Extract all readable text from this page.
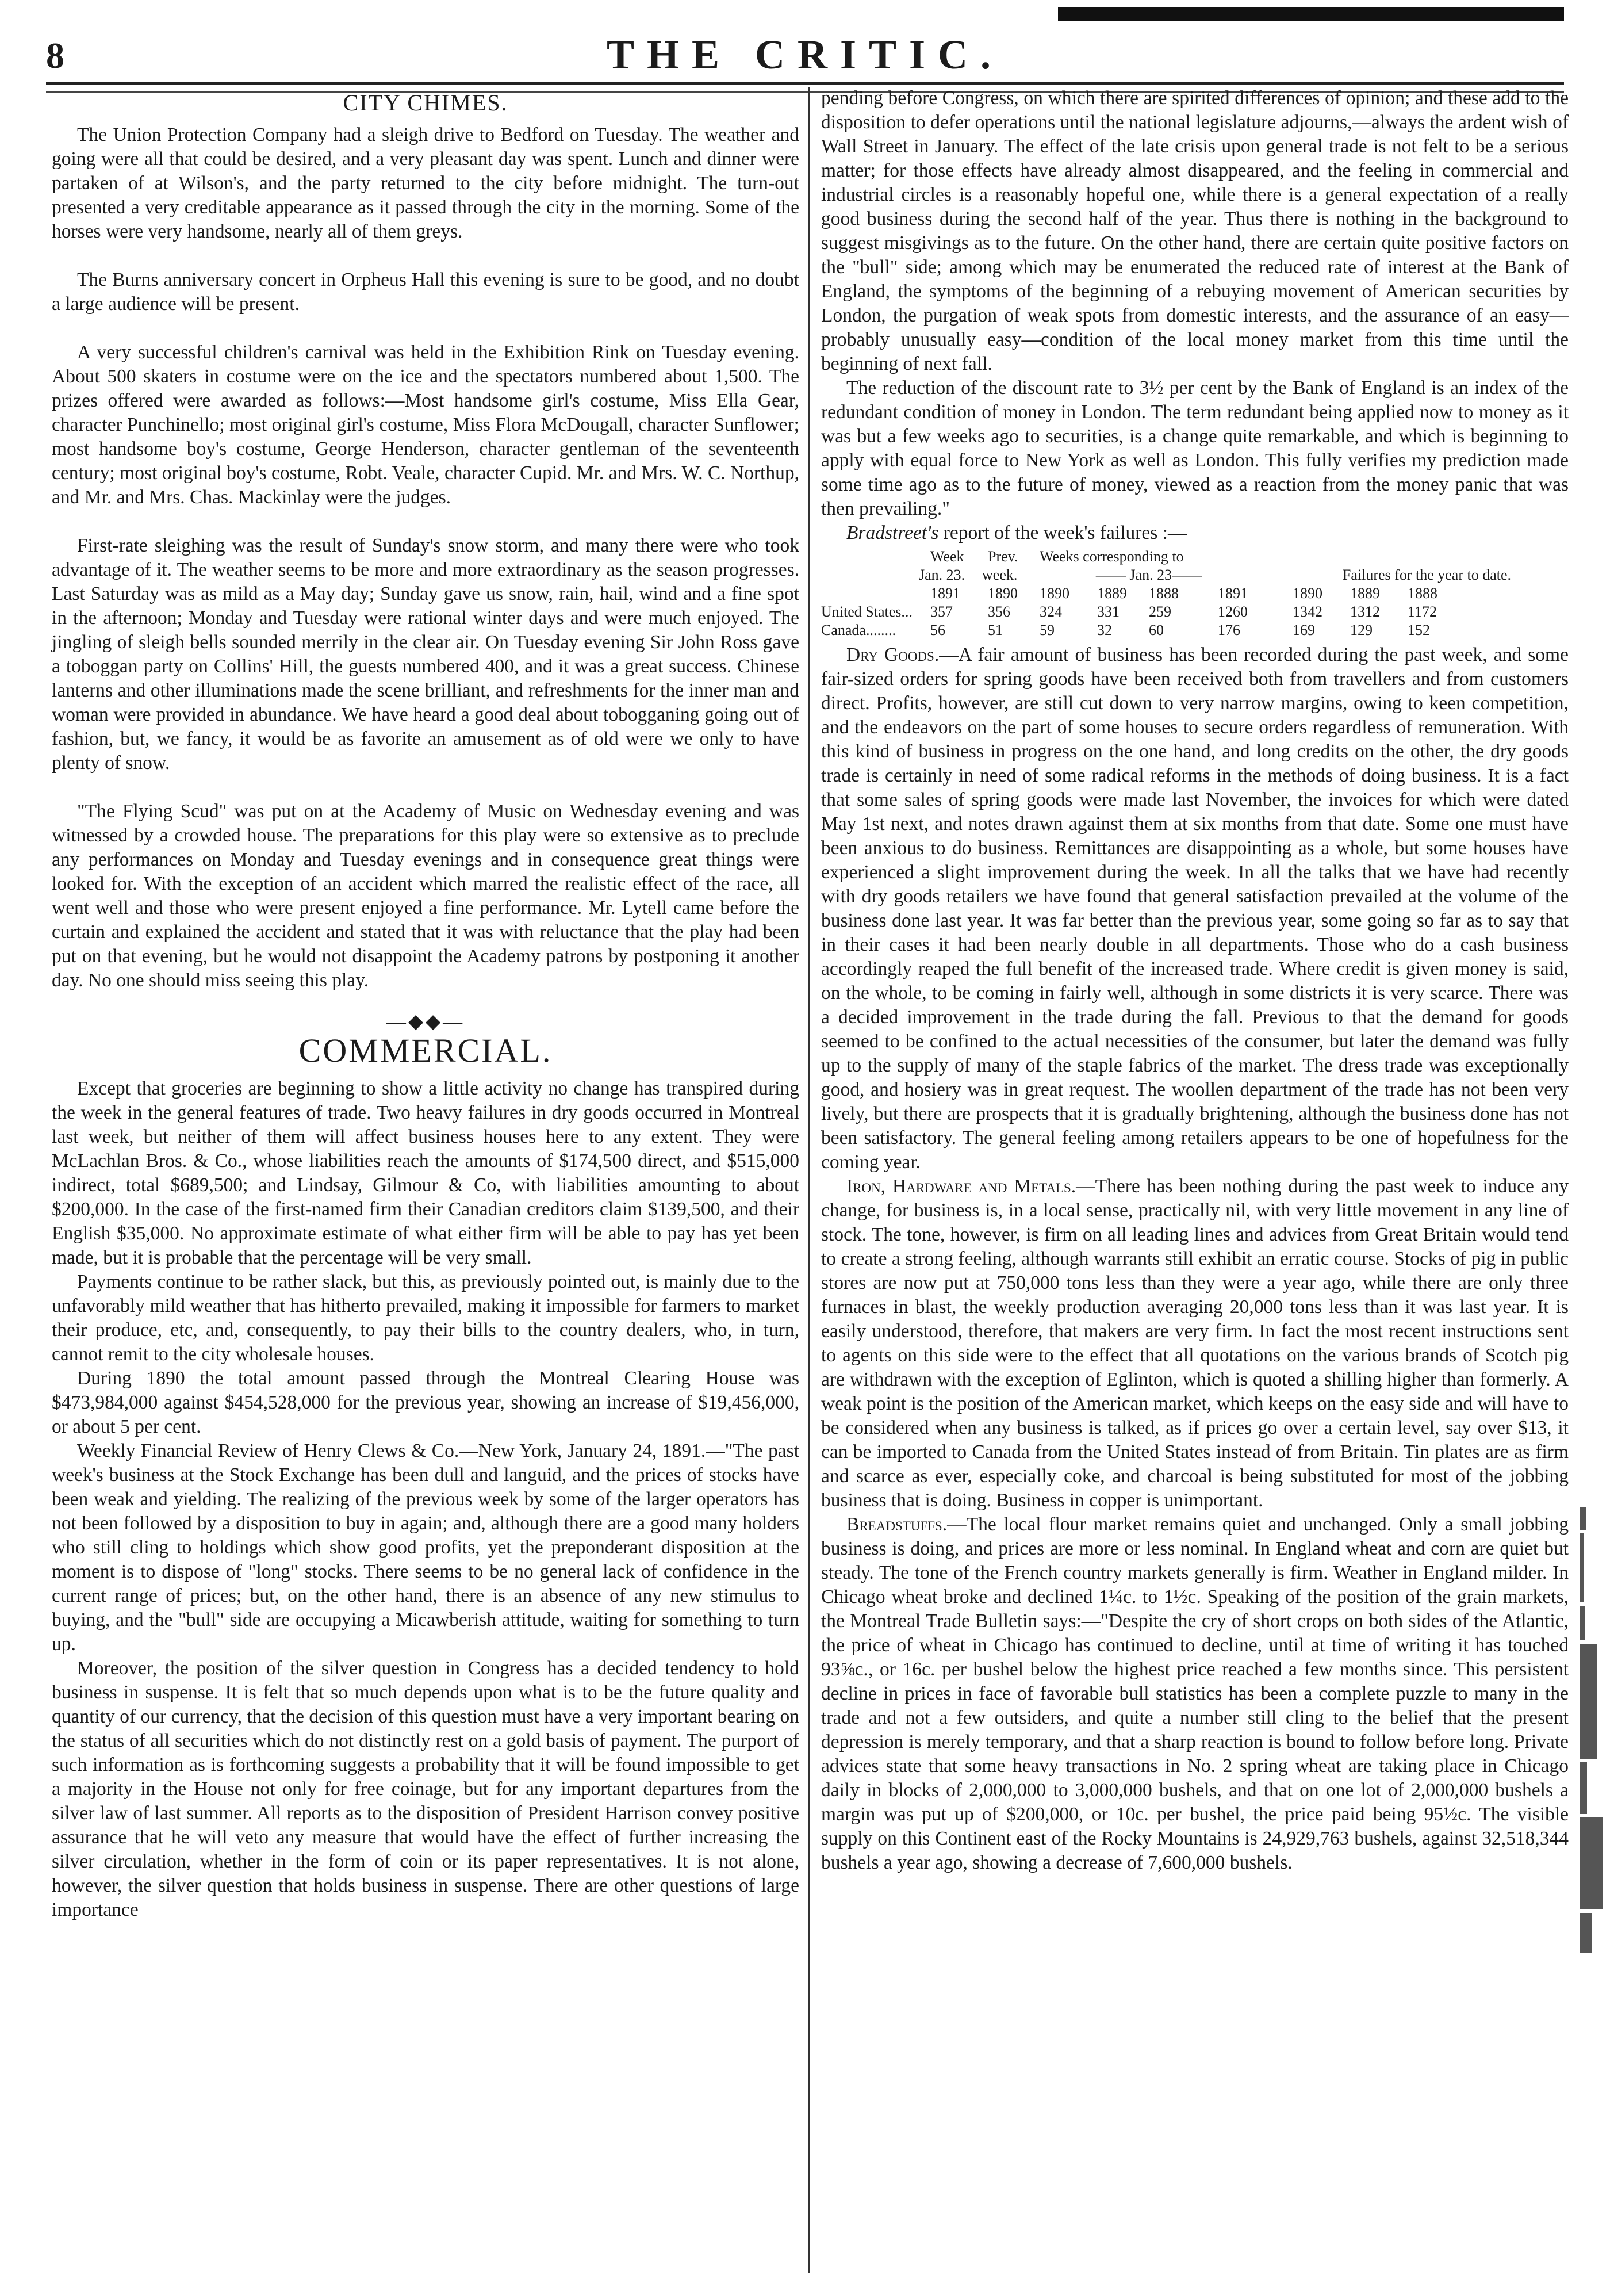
8	THE CRITIC.
CITY CHIMES.

The Union Protection Company had a sleigh drive to Bedford on Tuesday. The weather and going were all that could be desired, and a very pleasant day was spent. Lunch and dinner were partaken of at Wilson's, and the party returned to the city before midnight. The turn-out presented a very creditable appearance as it passed through the city in the morning. Some of the horses were very handsome, nearly all of them greys.

The Burns anniversary concert in Orpheus Hall this evening is sure to be good, and no doubt a large audience will be present.

A very successful children's carnival was held in the Exhibition Rink on Tuesday evening. About 500 skaters in costume were on the ice and the spectators numbered about 1,500. The prizes offered were awarded as follows:—Most handsome girl's costume, Miss Ella Gear, character Punchinello; most original girl's costume, Miss Flora McDougall, character Sunflower; most handsome boy's costume, George Henderson, character gentleman of the seventeenth century; most original boy's costume, Robt. Veale, character Cupid. Mr. and Mrs. W. C. Northup, and Mr. and Mrs. Chas. Mackinlay were the judges.

First-rate sleighing was the result of Sunday's snow storm, and many there were who took advantage of it. The weather seems to be more and more extraordinary as the season progresses. Last Saturday was as mild as a May day; Sunday gave us snow, rain, hail, wind and a fine spot in the afternoon; Monday and Tuesday were rational winter days and were much enjoyed. The jingling of sleigh bells sounded merrily in the clear air. On Tuesday evening Sir John Ross gave a toboggan party on Collins' Hill, the guests numbered 400, and it was a great success. Chinese lanterns and other illuminations made the scene brilliant, and refreshments for the inner man and woman were provided in abundance. We have heard a good deal about tobogganing going out of fashion, but, we fancy, it would be as favorite an amusement as of old were we only to have plenty of snow.

"The Flying Scud" was put on at the Academy of Music on Wednesday evening and was witnessed by a crowded house. The preparations for this play were so extensive as to preclude any performances on Monday and Tuesday evenings and in consequence great things were looked for. With the exception of an accident which marred the realistic effect of the race, all went well and those who were present enjoyed a fine performance. Mr. Lytell came before the curtain and explained the accident and stated that it was with reluctance that the play had been put on that evening, but he would not disappoint the Academy patrons by postponing it another day. No one should miss seeing this play.

—◆◆—
COMMERCIAL.

Except that groceries are beginning to show a little activity no change has transpired during the week in the general features of trade. Two heavy failures in dry goods occurred in Montreal last week, but neither of them will affect business houses here to any extent. They were McLachlan Bros. & Co., whose liabilities reach the amounts of $174,500 direct, and $515,000 indirect, total $689,500; and Lindsay, Gilmour & Co, with liabilities amounting to about $200,000. In the case of the first-named firm their Canadian creditors claim $139,500, and their English $35,000. No approximate estimate of what either firm will be able to pay has yet been made, but it is probable that the percentage will be very small.

Payments continue to be rather slack, but this, as previously pointed out, is mainly due to the unfavorably mild weather that has hitherto prevailed, making it impossible for farmers to market their produce, etc, and, consequently, to pay their bills to the country dealers, who, in turn, cannot remit to the city wholesale houses.

During 1890 the total amount passed through the Montreal Clearing House was $473,984,000 against $454,528,000 for the previous year, showing an increase of $19,456,000, or about 5 per cent.

Weekly Financial Review of Henry Clews & Co.—New York, January 24, 1891.—"The past week's business at the Stock Exchange has been dull and languid, and the prices of stocks have been weak and yielding. The realizing of the previous week by some of the larger operators has not been followed by a disposition to buy in again; and, although there are a good many holders who still cling to holdings which show good profits, yet the preponderant disposition at the moment is to dispose of "long" stocks. There seems to be no general lack of confidence in the current range of prices; but, on the other hand, there is an absence of any new stimulus to buying, and the "bull" side are occupying a Micawberish attitude, waiting for something to turn up.

Moreover, the position of the silver question in Congress has a decided tendency to hold business in suspense. It is felt that so much depends upon what is to be the future quality and quantity of our currency, that the decision of this question must have a very important bearing on the status of all securities which do not distinctly rest on a gold basis of payment. The purport of such information as is forthcoming suggests a probability that it will be found impossible to get a majority in the House not only for free coinage, but for any important departures from the silver law of last summer. All reports as to the disposition of President Harrison convey positive assurance that he will veto any measure that would have the effect of further increasing the silver circulation, whether in the form of coin or its paper representatives. It is not alone, however, the silver question that holds business in suspense. There are other questions of large importance

pending before Congress, on which there are spirited differences of opinion; and these add to the disposition to defer operations until the national legislature adjourns,—always the ardent wish of Wall Street in January. The effect of the late crisis upon general trade is not felt to be a serious matter; for those effects have already almost disappeared, and the feeling in commercial and industrial circles is a reasonably hopeful one, while there is a general expectation of a really good business during the second half of the year. Thus there is nothing in the background to suggest misgivings as to the future. On the other hand, there are certain quite positive factors on the "bull" side; among which may be enumerated the reduced rate of interest at the Bank of England, the symptoms of the beginning of a rebuying movement of American securities by London, the purgation of weak spots from domestic interests, and the assurance of an easy—probably unusually easy—condition of the local money market from this time until the beginning of next fall.

The reduction of the discount rate to 3½ per cent by the Bank of England is an index of the redundant condition of money in London. The term redundant being applied now to money as it was but a few weeks ago to securities, is a change quite remarkable, and which is beginning to apply with equal force to New York as well as London. This fully verifies my prediction made some time ago as to the future of money, viewed as a reaction from the money panic that was then prevailing."

Bradstreet's report of the week's failures :—

Week	Prev.	Weeks corresponding to
Jan. 23.	week.	—— Jan. 23——	Failures for the year to date.
1891	1890	1890	1889	1888	1891	1890	1889	1888
United States...	357	356	324	331	259	1260	1342	1312	1172
Canada........	56	51	59	32	60	176	169	129	152

Dry Goods.—A fair amount of business has been recorded during the past week, and some fair-sized orders for spring goods have been received both from travellers and from customers direct. Profits, however, are still cut down to very narrow margins, owing to keen competition, and the endeavors on the part of some houses to secure orders regardless of remuneration. With this kind of business in progress on the one hand, and long credits on the other, the dry goods trade is certainly in need of some radical reforms in the methods of doing business. It is a fact that some sales of spring goods were made last November, the invoices for which were dated May 1st next, and notes drawn against them at six months from that date. Some one must have been anxious to do business. Remittances are disappointing as a whole, but some houses have experienced a slight improvement during the week. In all the talks that we have had recently with dry goods retailers we have found that general satisfaction prevailed at the volume of the business done last year. It was far better than the previous year, some going so far as to say that in their cases it had been nearly double in all departments. Those who do a cash business accordingly reaped the full benefit of the increased trade. Where credit is given money is said, on the whole, to be coming in fairly well, although in some districts it is very scarce. There was a decided improvement in the trade during the fall. Previous to that the demand for goods seemed to be confined to the actual necessities of the consumer, but later the demand was fully up to the supply of many of the staple fabrics of the market. The dress trade was exceptionally good, and hosiery was in great request. The woollen department of the trade has not been very lively, but there are prospects that it is gradually brightening, although the business done has not been satisfactory. The general feeling among retailers appears to be one of hopefulness for the coming year.

Iron, Hardware and Metals.—There has been nothing during the past week to induce any change, for business is, in a local sense, practically nil, with very little movement in any line of stock. The tone, however, is firm on all leading lines and advices from Great Britain would tend to create a strong feeling, although warrants still exhibit an erratic course. Stocks of pig in public stores are now put at 750,000 tons less than they were a year ago, while there are only three furnaces in blast, the weekly production averaging 20,000 tons less than it was last year. It is easily understood, therefore, that makers are very firm. In fact the most recent instructions sent to agents on this side were to the effect that all quotations on the various brands of Scotch pig are withdrawn with the exception of Eglinton, which is quoted a shilling higher than formerly. A weak point is the position of the American market, which keeps on the easy side and will have to be considered when any business is talked, as if prices go over a certain level, say over $13, it can be imported to Canada from the United States instead of from Britain. Tin plates are as firm and scarce as ever, especially coke, and charcoal is being substituted for most of the jobbing business that is doing. Business in copper is unimportant.

Breadstuffs.—The local flour market remains quiet and unchanged. Only a small jobbing business is doing, and prices are more or less nominal. In England wheat and corn are quiet but steady. The tone of the French country markets generally is firm. Weather in England milder. In Chicago wheat broke and declined 1¼c. to 1½c. Speaking of the position of the grain markets, the Montreal Trade Bulletin says:—"Despite the cry of short crops on both sides of the Atlantic, the price of wheat in Chicago has continued to decline, until at time of writing it has touched 93⅝c., or 16c. per bushel below the highest price reached a few months since. This persistent decline in prices in face of favorable bull statistics has been a complete puzzle to many in the trade and not a few outsiders, and quite a number still cling to the belief that the present depression is merely temporary, and that a sharp reaction is bound to follow before long. Private advices state that some heavy transactions in No. 2 spring wheat are taking place in Chicago daily in blocks of 2,000,000 to 3,000,000 bushels, and that on one lot of 2,000,000 bushels a margin was put up of $200,000, or 10c. per bushel, the price paid being 95½c. The visible supply on this Continent east of the Rocky Mountains is 24,929,763 bushels, against 32,518,344 bushels a year ago, showing a decrease of 7,600,000 bushels.
